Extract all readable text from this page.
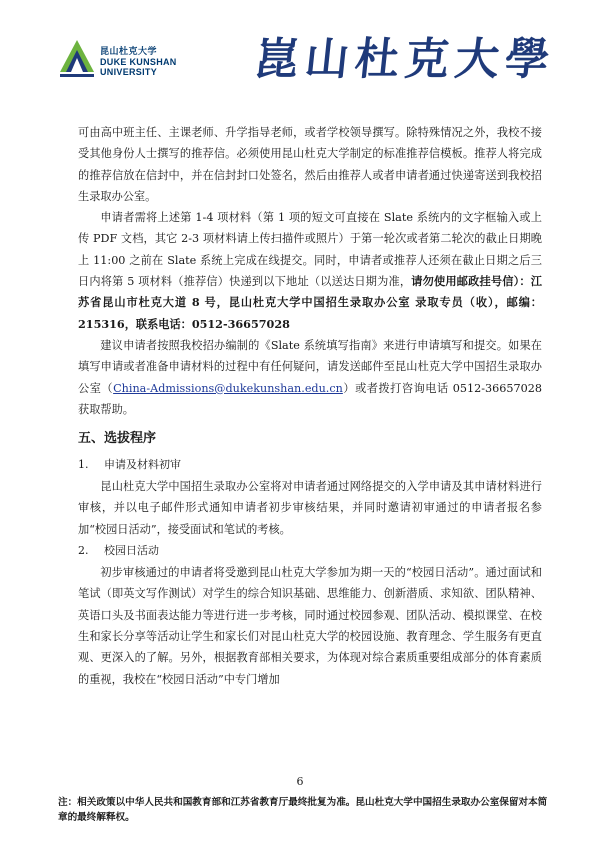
昆山杜克大学
DUKE KUNSHAN
UNIVERSITY	崑山杜克大學

可由高中班主任、主课老师、升学指导老师，或者学校领导撰写。除特殊情况之外，我校不接受其他身份人士撰写的推荐信。必须使用昆山杜克大学制定的标准推荐信模板。推荐人将完成的推荐信放在信封中，并在信封封口处签名，然后由推荐人或者申请者通过快递寄送到我校招生录取办公室。

申请者需将上述第 1-4 项材料（第 1 项的短文可直接在 Slate 系统内的文字框输入或上传 PDF 文档，其它 2-3 项材料请上传扫描件或照片）于第一轮次或者第二轮次的截止日期晚上 11:00 之前在 Slate 系统上完成在线提交。同时，申请者或推荐人还须在截止日期之后三日内将第 5 项材料（推荐信）快递到以下地址（以送达日期为准，请勿使用邮政挂号信）：江苏省昆山市杜克大道 8 号，昆山杜克大学中国招生录取办公室 录取专员（收），邮编：215316，联系电话：0512-36657028

建议申请者按照我校招办编制的《Slate 系统填写指南》来进行申请填写和提交。如果在填写申请或者准备申请材料的过程中有任何疑问，请发送邮件至昆山杜克大学中国招生录取办公室（China-Admissions@dukekunshan.edu.cn）或者拨打咨询电话 0512-36657028 获取帮助。

五、选拔程序
1.	申请及材料初审

昆山杜克大学中国招生录取办公室将对申请者通过网络提交的入学申请及其申请材料进行审核，并以电子邮件形式通知申请者初步审核结果，并同时邀请初审通过的申请者报名参加“校园日活动”，接受面试和笔试的考核。

2.	校园日活动

初步审核通过的申请者将受邀到昆山杜克大学参加为期一天的“校园日活动”。通过面试和笔试（即英文写作测试）对学生的综合知识基础、思维能力、创新潜质、求知欲、团队精神、英语口头及书面表达能力等进行进一步考核，同时通过校园参观、团队活动、模拟课堂、在校生和家长分享等活动让学生和家长们对昆山杜克大学的校园设施、教育理念、学生服务有更直观、更深入的了解。另外，根据教育部相关要求，为体现对综合素质重要组成部分的体育素质的重视，我校在“校园日活动”中专门增加

6
注：相关政策以中华人民共和国教育部和江苏省教育厅最终批复为准。昆山杜克大学中国招生录取办公室保留对本简章的最终解释权。
